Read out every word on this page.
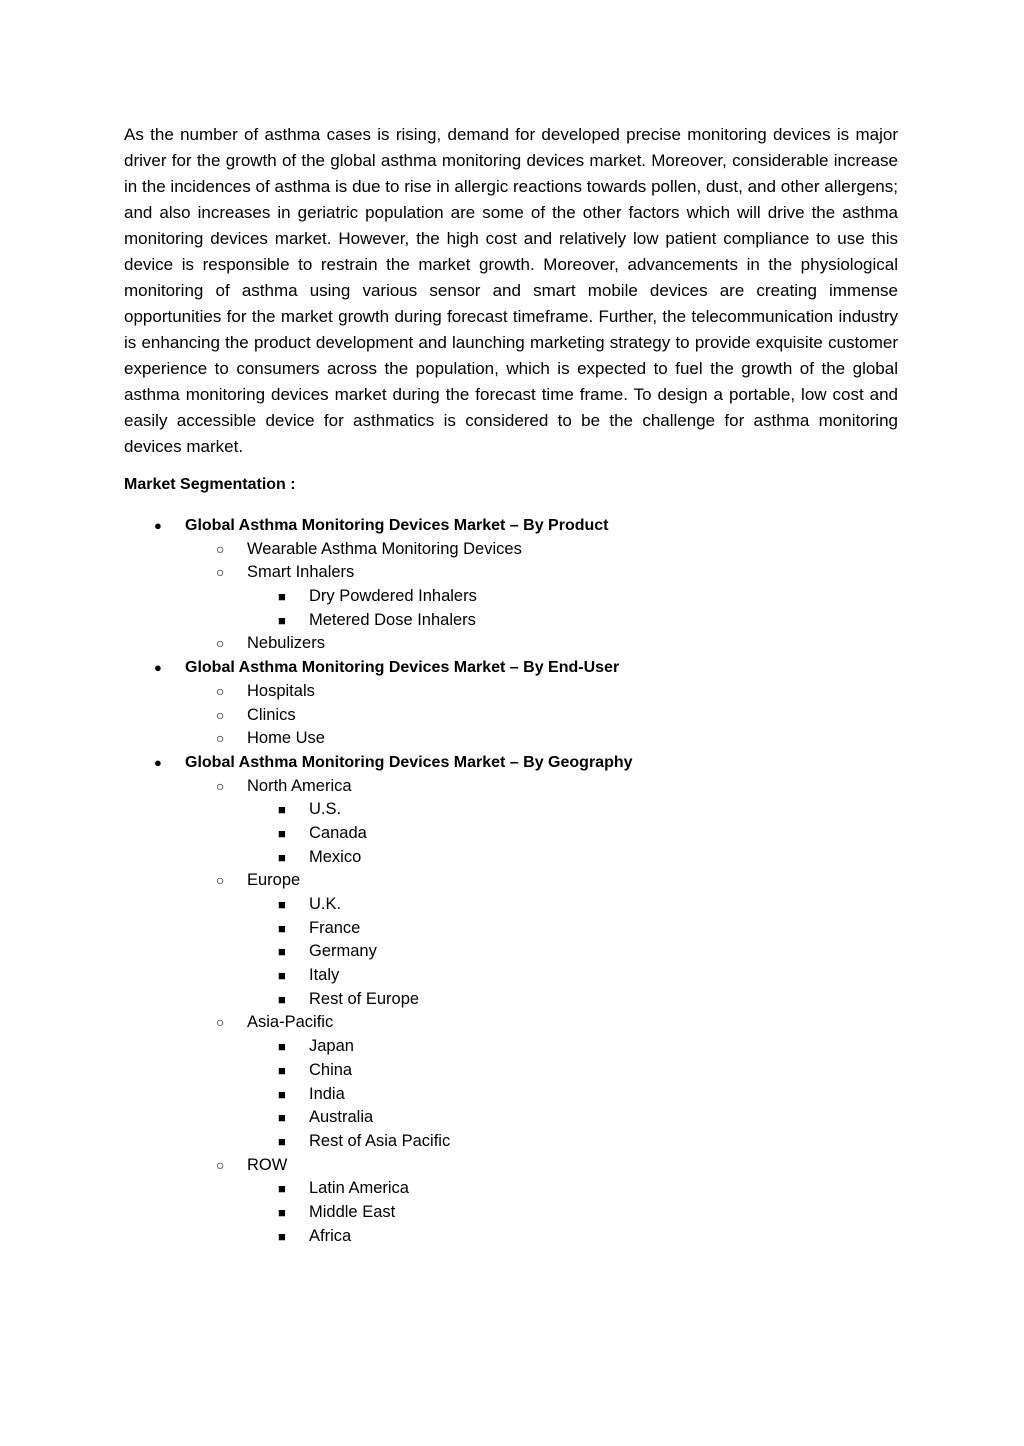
As the number of asthma cases is rising, demand for developed precise monitoring devices is major driver for the growth of the global asthma monitoring devices market. Moreover, considerable increase in the incidences of asthma is due to rise in allergic reactions towards pollen, dust, and other allergens; and also increases in geriatric population are some of the other factors which will drive the asthma monitoring devices market. However, the high cost and relatively low patient compliance to use this device is responsible to restrain the market growth. Moreover, advancements in the physiological monitoring of asthma using various sensor and smart mobile devices are creating immense opportunities for the market growth during forecast timeframe. Further, the telecommunication industry is enhancing the product development and launching marketing strategy to provide exquisite customer experience to consumers across the population, which is expected to fuel the growth of the global asthma monitoring devices market during the forecast time frame. To design a portable, low cost and easily accessible device for asthmatics is considered to be the challenge for asthma monitoring devices market.

Market Segmentation :

● Global Asthma Monitoring Devices Market – By Product
○ Wearable Asthma Monitoring Devices
○ Smart Inhalers
■ Dry Powdered Inhalers
■ Metered Dose Inhalers
○ Nebulizers
● Global Asthma Monitoring Devices Market – By End-User
○ Hospitals
○ Clinics
○ Home Use
● Global Asthma Monitoring Devices Market – By Geography
○ North America
■ U.S.
■ Canada
■ Mexico
○ Europe
■ U.K.
■ France
■ Germany
■ Italy
■ Rest of Europe
○ Asia-Pacific
■ Japan
■ China
■ India
■ Australia
■ Rest of Asia Pacific
○ ROW
■ Latin America
■ Middle East
■ Africa
